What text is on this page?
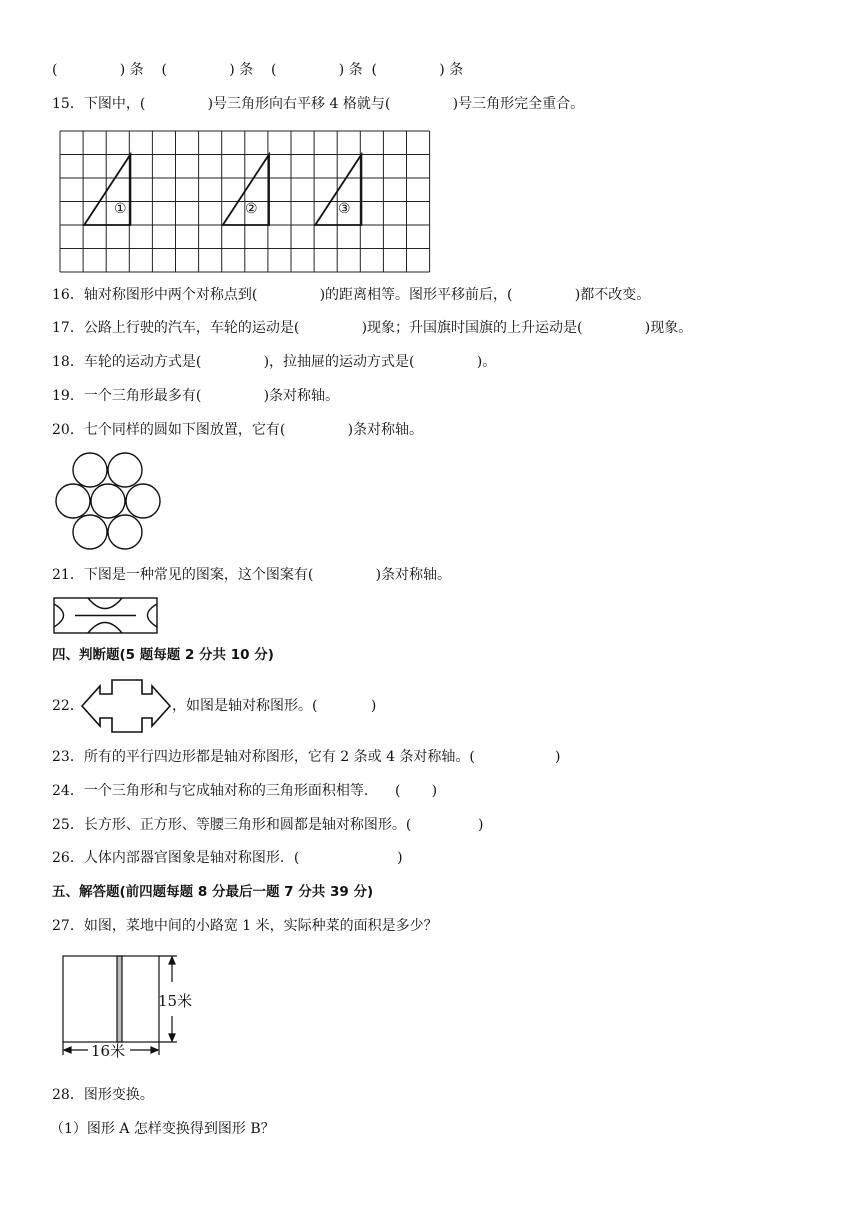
(              ) 条    (              ) 条    (              ) 条  (              ) 条
15．下图中，(              )号三角形向右平移 4 格就与(              )号三角形完全重合。
①	②	③
16．轴对称图形中两个对称点到(              )的距离相等。图形平移前后，(              )都不改变。
17．公路上行驶的汽车，车轮的运动是(              )现象；升国旗时国旗的上升运动是(              )现象。
18．车轮的运动方式是(              )，拉抽屉的运动方式是(              )。
19．一个三角形最多有(              )条对称轴。
20．七个同样的圆如下图放置，它有(              )条对称轴。
21．下图是一种常见的图案，这个图案有(              )条对称轴。
四、判断题(5 题每题 2 分共 10 分)
22．	，如图是轴对称图形。(            )
23．所有的平行四边形都是轴对称图形，它有 2 条或 4 条对称轴。(                  )
24．一个三角形和与它成轴对称的三角形面积相等.      (       )
25．长方形、正方形、等腰三角形和圆都是轴对称图形。(               )
26．人体内部器官图象是轴对称图形．(                      )
五、解答题(前四题每题 8 分最后一题 7 分共 39 分)
27．如图，菜地中间的小路宽 1 米，实际种菜的面积是多少？
15米
16米
28．图形变换。
（1）图形 A 怎样变换得到图形 B？
